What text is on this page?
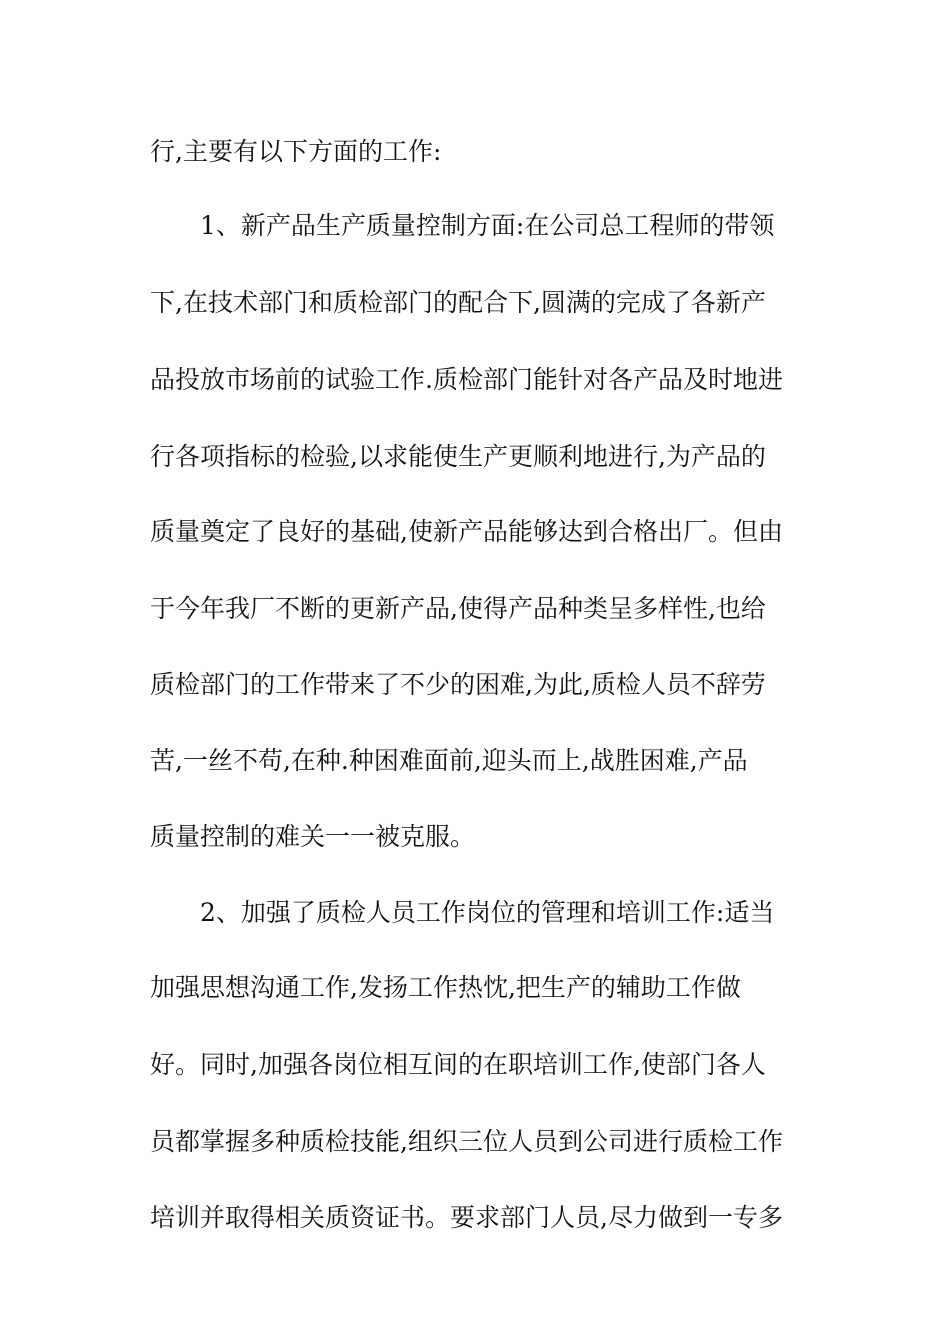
行,主要有以下方面的工作:
1、新产品生产质量控制方面:在公司总工程师的带领
下,在技术部门和质检部门的配合下,圆满的完成了各新产
品投放市场前的试验工作.质检部门能针对各产品及时地进
行各项指标的检验,以求能使生产更顺利地进行,为产品的
质量奠定了良好的基础,使新产品能够达到合格出厂。但由
于今年我厂不断的更新产品,使得产品种类呈多样性,也给
质检部门的工作带来了不少的困难,为此,质检人员不辞劳
苦,一丝不苟,在种.种困难面前,迎头而上,战胜困难,产品
质量控制的难关一一被克服。
2、加强了质检人员工作岗位的管理和培训工作:适当
加强思想沟通工作,发扬工作热忱,把生产的辅助工作做
好。同时,加强各岗位相互间的在职培训工作,使部门各人
员都掌握多种质检技能,组织三位人员到公司进行质检工作
培训并取得相关质资证书。要求部门人员,尽力做到一专多
